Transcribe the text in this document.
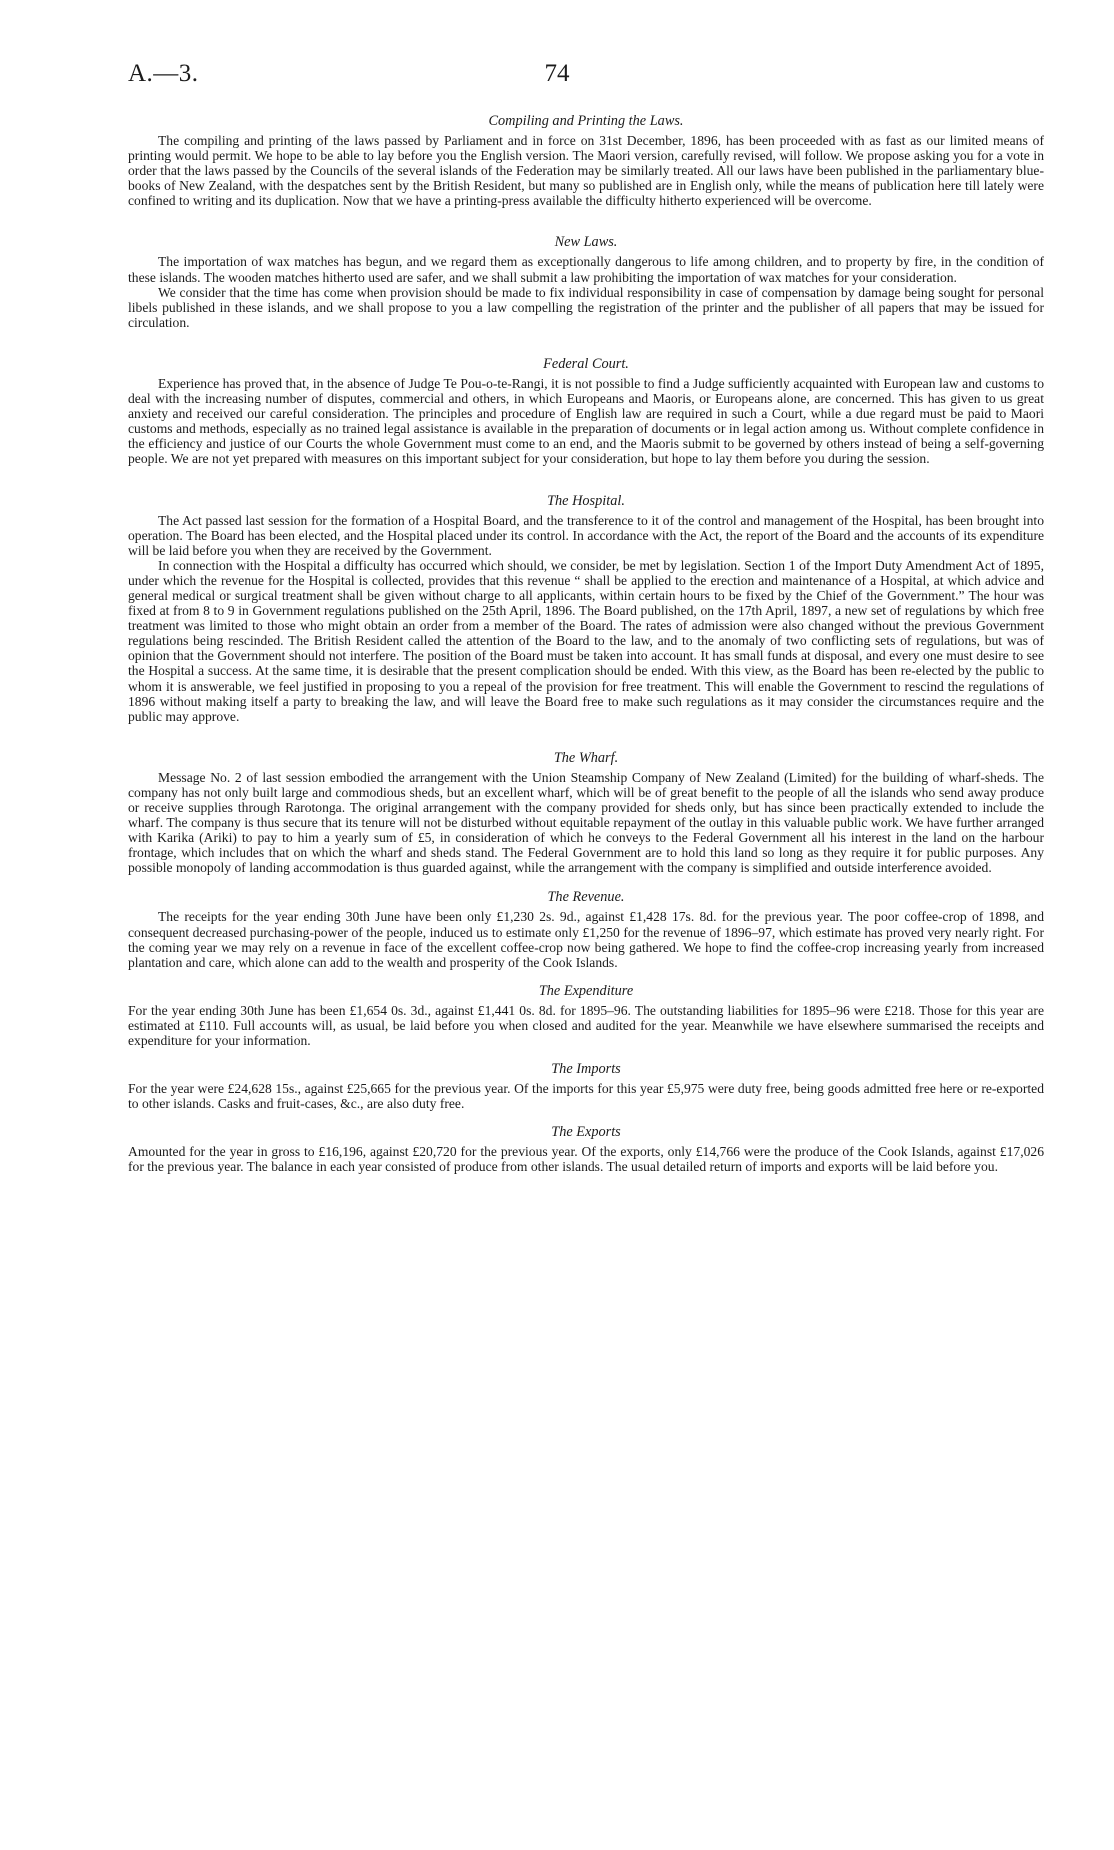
A.—3.	74
Compiling and Printing the Laws.

The compiling and printing of the laws passed by Parliament and in force on 31st December, 1896, has been proceeded with as fast as our limited means of printing would permit. We hope to be able to lay before you the English version. The Maori version, carefully revised, will follow. We propose asking you for a vote in order that the laws passed by the Councils of the several islands of the Federation may be similarly treated. All our laws have been published in the parliamentary blue-books of New Zealand, with the despatches sent by the British Resident, but many so published are in English only, while the means of publication here till lately were confined to writing and its duplication. Now that we have a printing-press available the difficulty hitherto experienced will be overcome.

New Laws.

The importation of wax matches has begun, and we regard them as exceptionally dangerous to life among children, and to property by fire, in the condition of these islands. The wooden matches hitherto used are safer, and we shall submit a law prohibiting the importation of wax matches for your consideration.

We consider that the time has come when provision should be made to fix individual responsibility in case of compensation by damage being sought for personal libels published in these islands, and we shall propose to you a law compelling the registration of the printer and the publisher of all papers that may be issued for circulation.

Federal Court.

Experience has proved that, in the absence of Judge Te Pou-o-te-Rangi, it is not possible to find a Judge sufficiently acquainted with European law and customs to deal with the increasing number of disputes, commercial and others, in which Europeans and Maoris, or Europeans alone, are concerned. This has given to us great anxiety and received our careful consideration. The principles and procedure of English law are required in such a Court, while a due regard must be paid to Maori customs and methods, especially as no trained legal assistance is available in the preparation of documents or in legal action among us. Without complete confidence in the efficiency and justice of our Courts the whole Government must come to an end, and the Maoris submit to be governed by others instead of being a self-governing people. We are not yet prepared with measures on this important subject for your consideration, but hope to lay them before you during the session.

The Hospital.

The Act passed last session for the formation of a Hospital Board, and the transference to it of the control and management of the Hospital, has been brought into operation. The Board has been elected, and the Hospital placed under its control. In accordance with the Act, the report of the Board and the accounts of its expenditure will be laid before you when they are received by the Government.

In connection with the Hospital a difficulty has occurred which should, we consider, be met by legislation. Section 1 of the Import Duty Amendment Act of 1895, under which the revenue for the Hospital is collected, provides that this revenue “ shall be applied to the erection and maintenance of a Hospital, at which advice and general medical or surgical treatment shall be given without charge to all applicants, within certain hours to be fixed by the Chief of the Government.” The hour was fixed at from 8 to 9 in Government regulations published on the 25th April, 1896. The Board published, on the 17th April, 1897, a new set of regulations by which free treatment was limited to those who might obtain an order from a member of the Board. The rates of admission were also changed without the previous Government regulations being rescinded. The British Resident called the attention of the Board to the law, and to the anomaly of two conflicting sets of regulations, but was of opinion that the Government should not interfere. The position of the Board must be taken into account. It has small funds at disposal, and every one must desire to see the Hospital a success. At the same time, it is desirable that the present complication should be ended. With this view, as the Board has been re-elected by the public to whom it is answerable, we feel justified in proposing to you a repeal of the provision for free treatment. This will enable the Government to rescind the regulations of 1896 without making itself a party to breaking the law, and will leave the Board free to make such regulations as it may consider the circumstances require and the public may approve.

The Wharf.

Message No. 2 of last session embodied the arrangement with the Union Steamship Company of New Zealand (Limited) for the building of wharf-sheds. The company has not only built large and commodious sheds, but an excellent wharf, which will be of great benefit to the people of all the islands who send away produce or receive supplies through Rarotonga. The original arrangement with the company provided for sheds only, but has since been practically extended to include the wharf. The company is thus secure that its tenure will not be disturbed without equitable repayment of the outlay in this valuable public work. We have further arranged with Karika (Ariki) to pay to him a yearly sum of £5, in consideration of which he conveys to the Federal Government all his interest in the land on the harbour frontage, which includes that on which the wharf and sheds stand. The Federal Government are to hold this land so long as they require it for public purposes. Any possible monopoly of landing accommodation is thus guarded against, while the arrangement with the company is simplified and outside interference avoided.

The Revenue.

The receipts for the year ending 30th June have been only £1,230 2s. 9d., against £1,428 17s. 8d. for the previous year. The poor coffee-crop of 1898, and consequent decreased purchasing-power of the people, induced us to estimate only £1,250 for the revenue of 1896–97, which estimate has proved very nearly right. For the coming year we may rely on a revenue in face of the excellent coffee-crop now being gathered. We hope to find the coffee-crop increasing yearly from increased plantation and care, which alone can add to the wealth and prosperity of the Cook Islands.

The Expenditure

For the year ending 30th June has been £1,654 0s. 3d., against £1,441 0s. 8d. for 1895–96. The outstanding liabilities for 1895–96 were £218. Those for this year are estimated at £110. Full accounts will, as usual, be laid before you when closed and audited for the year. Meanwhile we have elsewhere summarised the receipts and expenditure for your information.

The Imports

For the year were £24,628 15s., against £25,665 for the previous year. Of the imports for this year £5,975 were duty free, being goods admitted free here or re-exported to other islands. Casks and fruit-cases, &c., are also duty free.

The Exports

Amounted for the year in gross to £16,196, against £20,720 for the previous year. Of the exports, only £14,766 were the produce of the Cook Islands, against £17,026 for the previous year. The balance in each year consisted of produce from other islands. The usual detailed return of imports and exports will be laid before you.
